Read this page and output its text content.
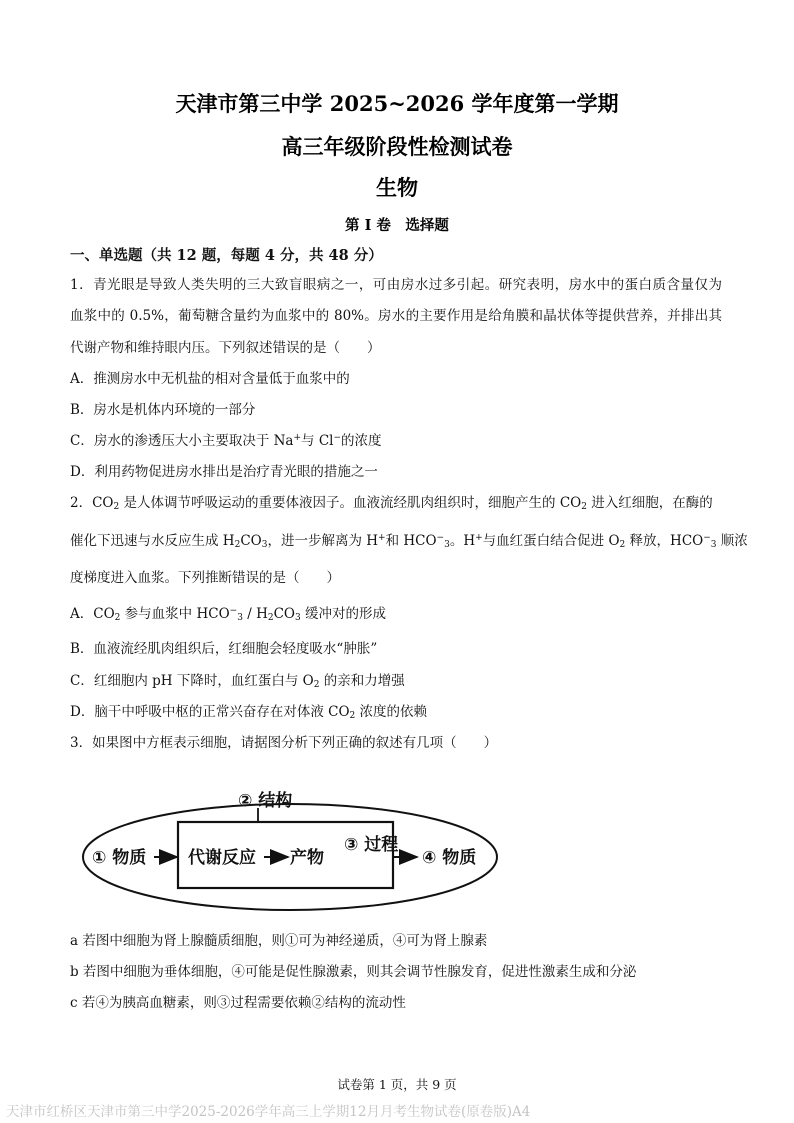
天津市第三中学 2025~2026 学年度第一学期
高三年级阶段性检测试卷
生物
第 I 卷　选择题
一、单选题（共 12 题，每题 4 分，共 48 分）
1．青光眼是导致人类失明的三大致盲眼病之一，可由房水过多引起。研究表明，房水中的蛋白质含量仅为
血浆中的 0.5%，葡萄糖含量约为血浆中的 80%。房水的主要作用是给角膜和晶状体等提供营养，并排出其
代谢产物和维持眼内压。下列叙述错误的是（　　）
A．推测房水中无机盐的相对含量低于血浆中的
B．房水是机体内环境的一部分
C．房水的渗透压大小主要取决于 Na+与 Cl−的浓度
D．利用药物促进房水排出是治疗青光眼的措施之一
2．$CO_2$ 是人体调节呼吸运动的重要体液因子。血液流经肌肉组织时，细胞产生的 $CO_2$ 进入红细胞，在酶的
催化下迅速与水反应生成 $H_2CO_3$，进一步解离为 H+和 $HCO^-_3$。H+与血红蛋白结合促进 $O_2$ 释放，$HCO^-_3$ 顺浓
度梯度进入血浆。下列推断错误的是（　　）
A．$CO_2$ 参与血浆中 $HCO^-_3 / H_2CO_3$ 缓冲对的形成
B．血液流经肌肉组织后，红细胞会轻度吸水“肿胀”
C．红细胞内 pH 下降时，血红蛋白与 $O_2$ 的亲和力增强
D．脑干中呼吸中枢的正常兴奋存在对体液 $CO_2$ 浓度的依赖
3．如果图中方框表示细胞，请据图分析下列正确的叙述有几项（　　）
② 结构
① 物质 代谢反应 产物
③ 过程
④ 物质
a 若图中细胞为肾上腺髓质细胞，则①可为神经递质，④可为肾上腺素
b 若图中细胞为垂体细胞，④可能是促性腺激素，则其会调节性腺发育，促进性激素生成和分泌
c 若④为胰高血糖素，则③过程需要依赖②结构的流动性
试卷第 1 页，共 9 页
天津市红桥区天津市第三中学2025-2026学年高三上学期12月月考生物试卷(原卷版)A4
